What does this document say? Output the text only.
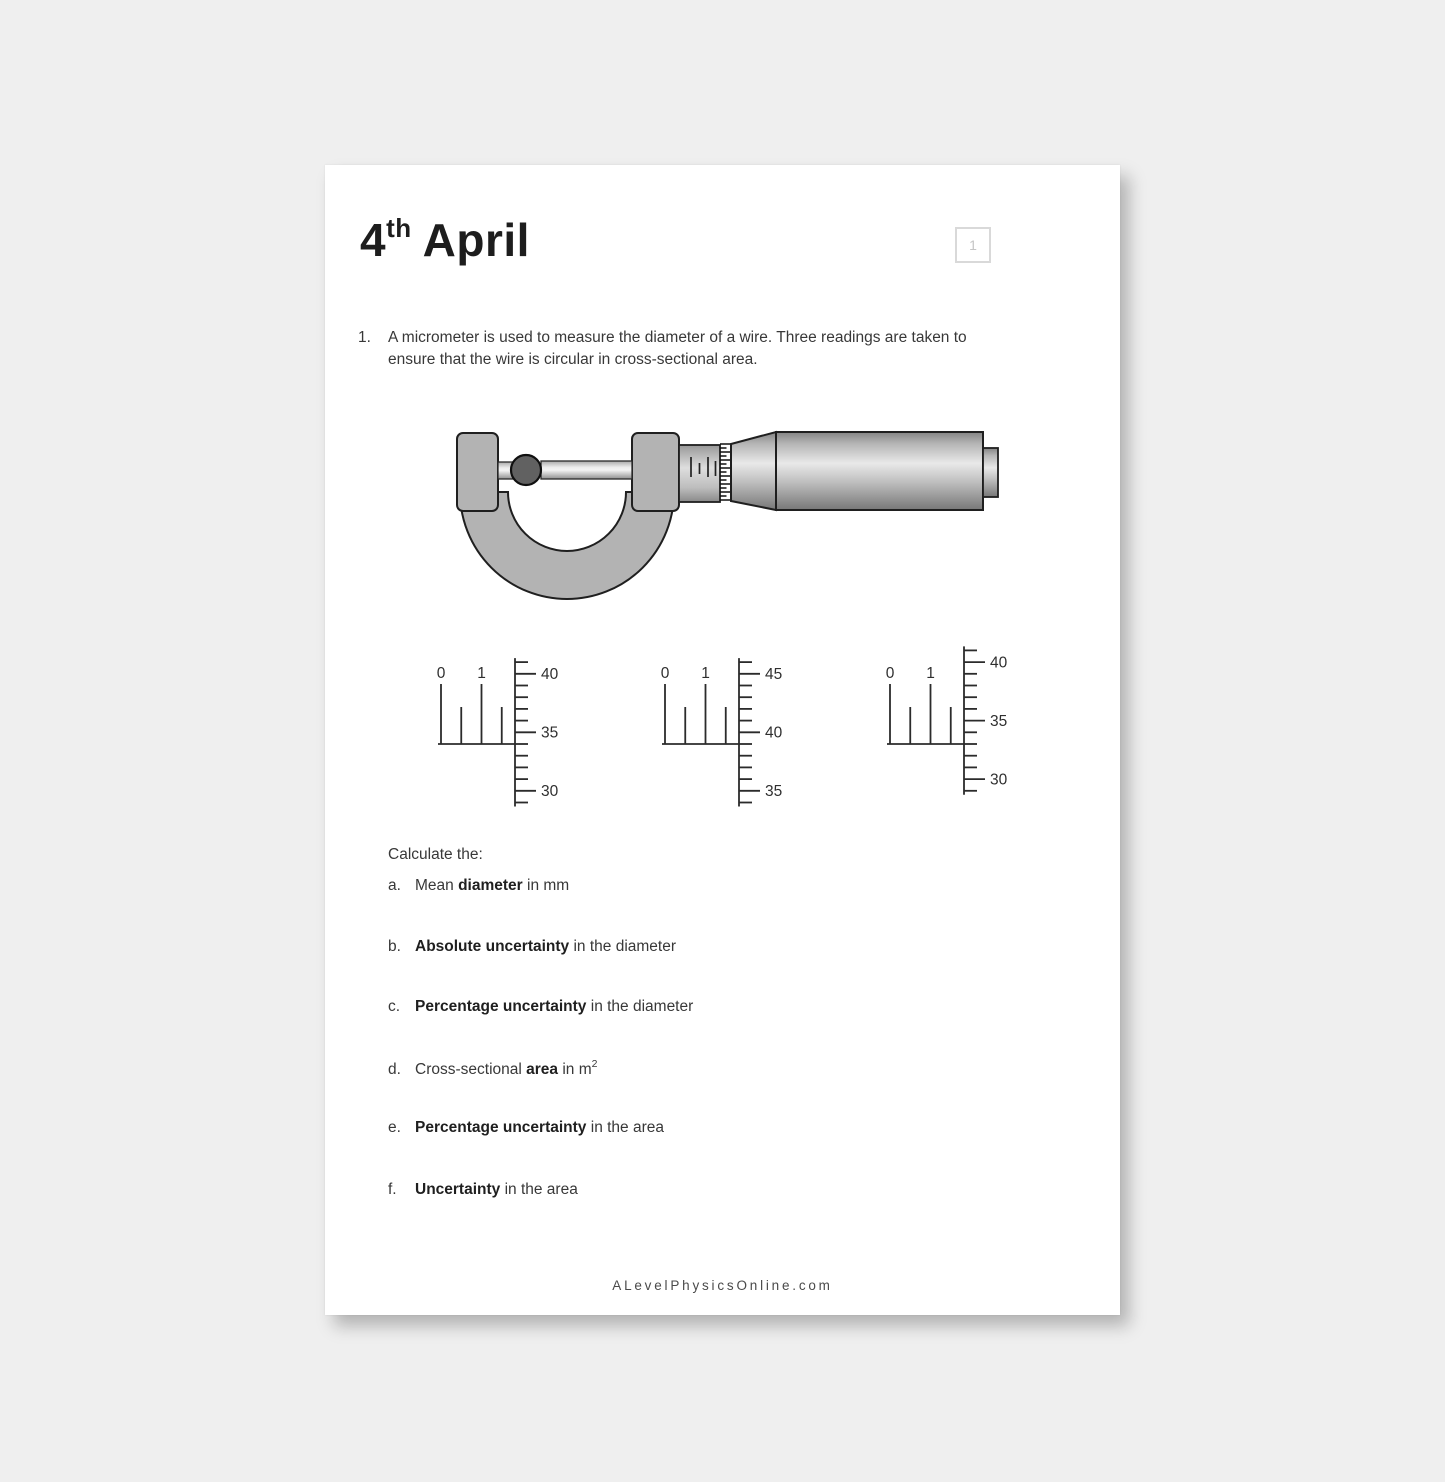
4th April	1
1.	A micrometer is used to measure the diameter of a wire. Three readings are taken to ensure that the wire is circular in cross-sectional area.
40
35
30
0 1	45
40
35
0 1
40
35
30
0 1
Calculate the:
a. Mean diameter in mm
b. Absolute uncertainty in the diameter
c. Percentage uncertainty in the diameter
d. Cross-sectional area in $m^2$
e. Percentage uncertainty in the area
f. Uncertainty in the area
ALevelPhysicsOnline.com
